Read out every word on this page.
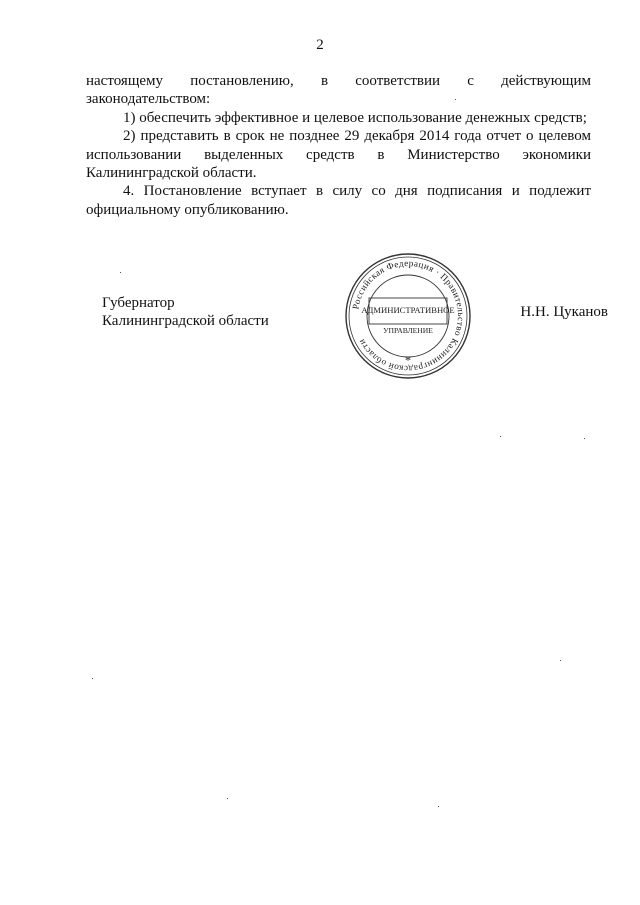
2

настоящему постановлению, в соответствии с действующим законодательством:

1) обеспечить эффективное и целевое использование денежных средств;

2) представить в срок не позднее 29 декабря 2014 года отчет о целевом использовании выделенных средств в Министерство экономики Калининградской области.

4. Постановление вступает в силу со дня подписания и подлежит официальному опубликованию.

Губернатор
Калининградской области
Российская Федерация · Правительство Калининградской области
АДМИНИСТРАТИВНОЕ
УПРАВЛЕНИЕ
*
Н.Н. Цуканов
